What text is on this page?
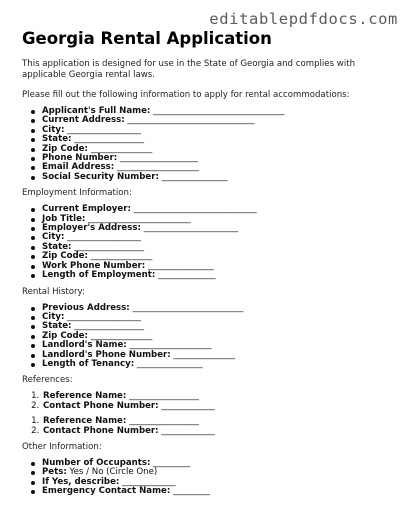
editablepdfdocs.com
Georgia Rental Application

This application is designed for use in the State of Georgia and complies with applicable Georgia rental laws.

Please fill out the following information to apply for rental accommodations:

Applicant's Full Name: ________________________________
Current Address: _______________________________
City: __________________
State: _________________
Zip Code: _______________
Phone Number: ___________________
Email Address: ____________________
Social Security Number: ________________

Employment Information:

Current Employer: ______________________________
Job Title: _________________________
Employer's Address: _______________________
City: __________________
State: _________________
Zip Code: _______________
Work Phone Number: ________________
Length of Employment: ______________

Rental History:

Previous Address: ___________________________
City: __________________
State: _________________
Zip Code: _______________
Landlord's Name: ____________________
Landlord's Phone Number: _______________
Length of Tenancy: ________________

References:

1. Reference Name: _________________
2. Contact Phone Number: _____________
1. Reference Name: _________________
2. Contact Phone Number: _____________

Other Information:

Number of Occupants: _________
Pets: Yes / No (Circle One)
If Yes, describe: _____________
Emergency Contact Name: _________
